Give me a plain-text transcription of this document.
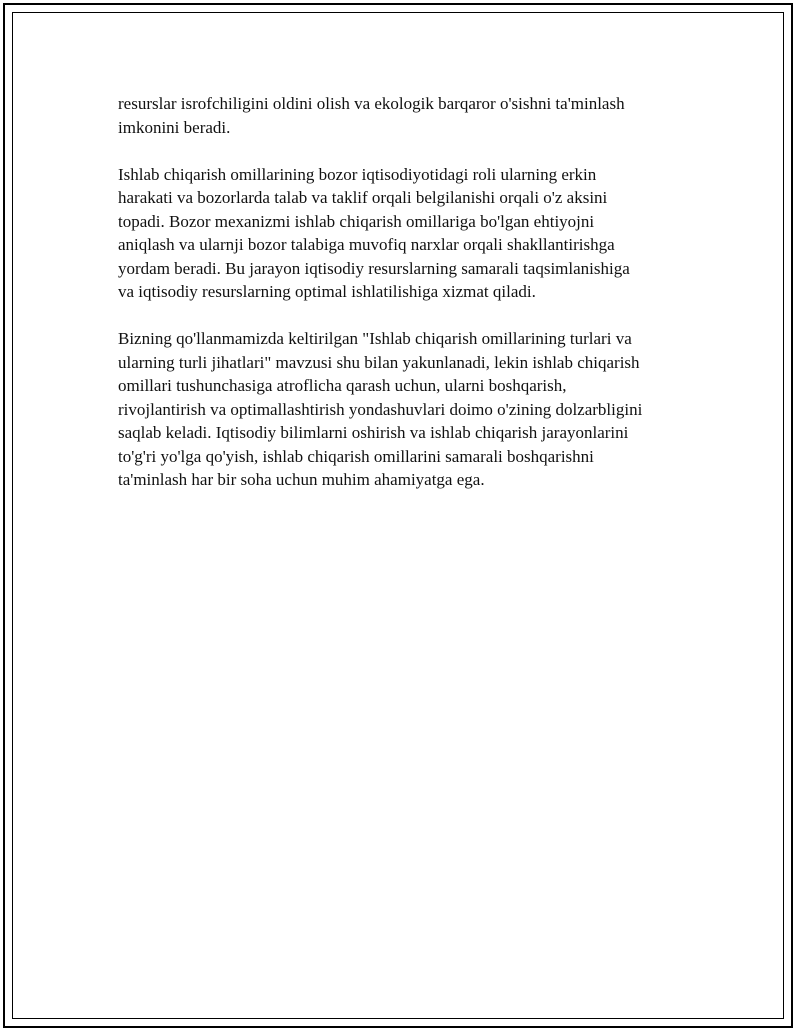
resurslar isrofchiligini oldini olish va ekologik barqaror o'sishni ta'minlash
imkonini beradi.

Ishlab chiqarish omillarining bozor iqtisodiyotidagi roli ularning erkin
harakati va bozorlarda talab va taklif orqali belgilanishi orqali o'z aksini
topadi. Bozor mexanizmi ishlab chiqarish omillariga bo'lgan ehtiyojni
aniqlash va ularnji bozor talabiga muvofiq narxlar orqali shakllantirishga
yordam beradi. Bu jarayon iqtisodiy resurslarning samarali taqsimlanishiga
va iqtisodiy resurslarning optimal ishlatilishiga xizmat qiladi.

Bizning qo'llanmamizda keltirilgan "Ishlab chiqarish omillarining turlari va
ularning turli jihatlari" mavzusi shu bilan yakunlanadi, lekin ishlab chiqarish
omillari tushunchasiga atroflicha qarash uchun, ularni boshqarish,
rivojlantirish va optimallashtirish yondashuvlari doimo o'zining dolzarbligini
saqlab keladi. Iqtisodiy bilimlarni oshirish va ishlab chiqarish jarayonlarini
to'g'ri yo'lga qo'yish, ishlab chiqarish omillarini samarali boshqarishni
ta'minlash har bir soha uchun muhim ahamiyatga ega.
